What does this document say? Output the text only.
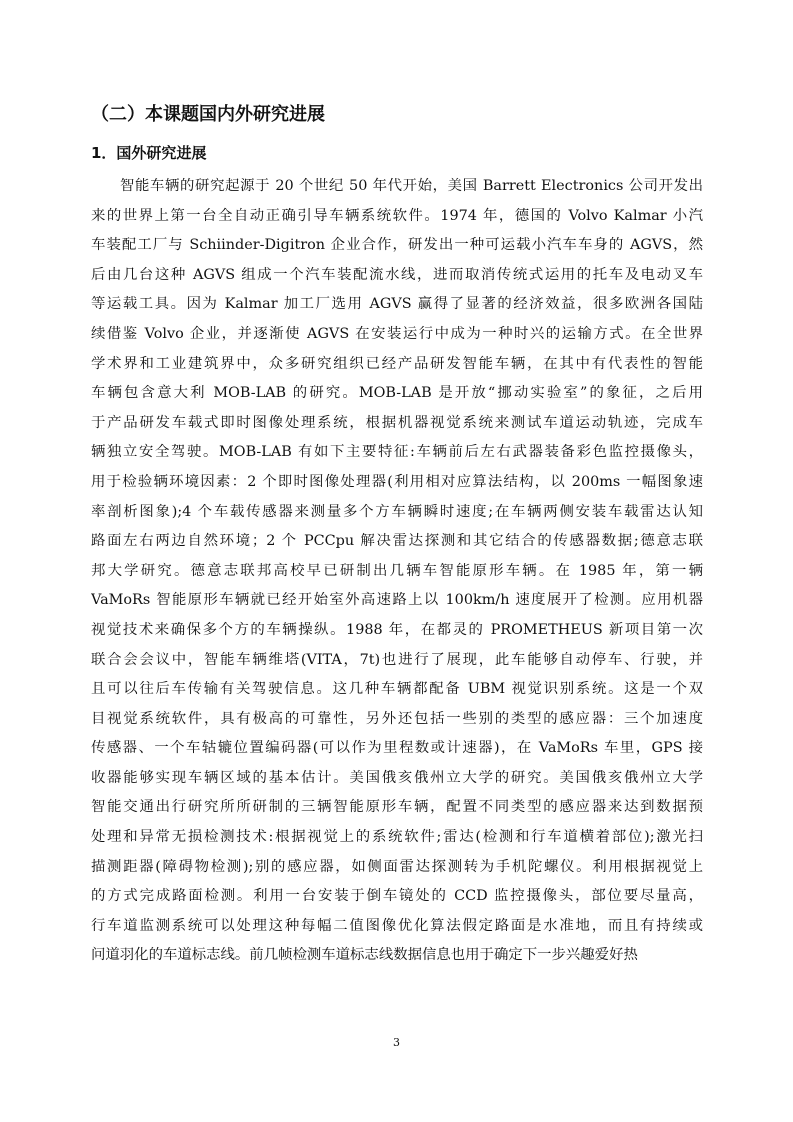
（二）本课题国内外研究进展
1．国外研究进展
智能车辆的研究起源于 20 个世纪 50 年代开始，美国 Barrett Electronics 公司开发出
来的世界上第一台全自动正确引导车辆系统软件。1974 年，德国的 Volvo Kalmar 小汽
车装配工厂与 Schiinder-Digitron 企业合作，研发出一种可运载小汽车车身的 AGVS，然
后由几台这种 AGVS 组成一个汽车装配流水线，进而取消传统式运用的托车及电动叉车
等运载工具。因为 Kalmar 加工厂选用 AGVS 赢得了显著的经济效益，很多欧洲各国陆
续借鉴 Volvo 企业，并逐渐使 AGVS 在安装运行中成为一种时兴的运输方式。在全世界
学术界和工业建筑界中，众多研究组织已经产品研发智能车辆，在其中有代表性的智能
车辆包含意大利 MOB-LAB 的研究。MOB-LAB 是开放“挪动实验室”的象征，之后用
于产品研发车载式即时图像处理系统，根据机器视觉系统来测试车道运动轨迹，完成车
辆独立安全驾驶。MOB-LAB 有如下主要特征:车辆前后左右武器装备彩色监控摄像头，
用于检验辆环境因素：2 个即时图像处理器(利用相对应算法结构，以 200ms 一幅图象速
率剖析图象);4 个车载传感器来测量多个方车辆瞬时速度;在车辆两侧安装车载雷达认知
路面左右两边自然环境；2 个 PCCpu 解决雷达探测和其它结合的传感器数据;德意志联
邦大学研究。德意志联邦高校早已研制出几辆车智能原形车辆。在 1985 年，第一辆
VaMoRs 智能原形车辆就已经开始室外高速路上以 100km/h 速度展开了检测。应用机器
视觉技术来确保多个方的车辆操纵。1988 年，在都灵的 PROMETHEUS 新项目第一次
联合会会议中，智能车辆维塔(VITA，7t)也进行了展现，此车能够自动停车、行驶，并
且可以往后车传输有关驾驶信息。这几种车辆都配备 UBM 视觉识别系统。这是一个双
目视觉系统软件，具有极高的可靠性，另外还包括一些别的类型的感应器：三个加速度
传感器、一个车轱辘位置编码器(可以作为里程数或计速器)，在 VaMoRs 车里，GPS 接
收器能够实现车辆区域的基本估计。美国俄亥俄州立大学的研究。美国俄亥俄州立大学
智能交通出行研究所所研制的三辆智能原形车辆，配置不同类型的感应器来达到数据预
处理和异常无损检测技术:根据视觉上的系统软件;雷达(检测和行车道横着部位);激光扫
描测距器(障碍物检测);别的感应器，如侧面雷达探测转为手机陀螺仪。利用根据视觉上
的方式完成路面检测。利用一台安装于倒车镜处的 CCD 监控摄像头，部位要尽量高，
行车道监测系统可以处理这种每幅二值图像优化算法假定路面是水准地，而且有持续或
问道羽化的车道标志线。前几帧检测车道标志线数据信息也用于确定下一步兴趣爱好热
3
